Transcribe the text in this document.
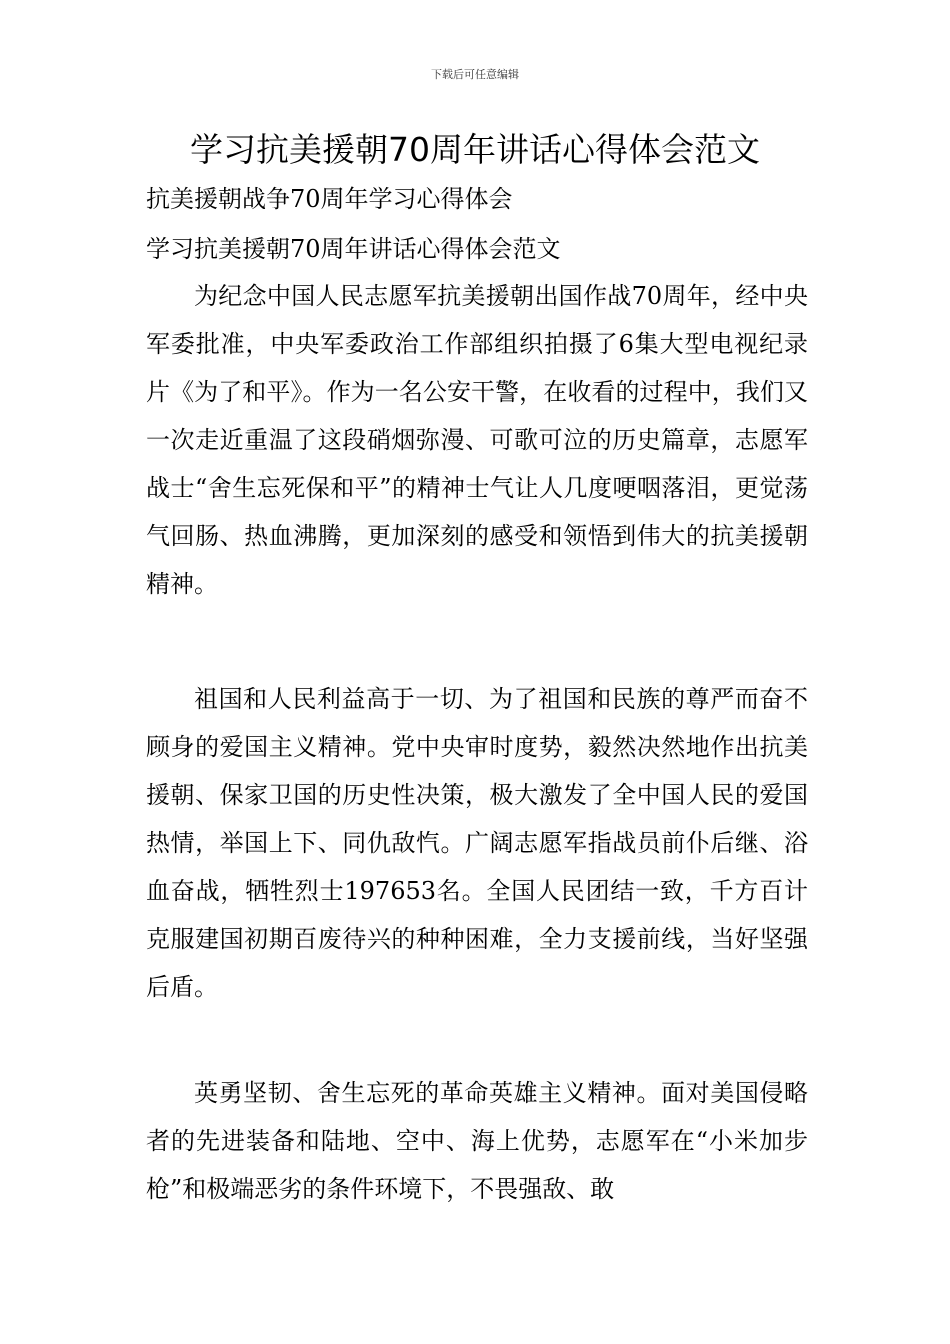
下载后可任意编辑
学习抗美援朝70周年讲话心得体会范文

抗美援朝战争70周年学习心得体会

学习抗美援朝70周年讲话心得体会范文

为纪念中国人民志愿军抗美援朝出国作战70周年，经中央军委批准，中央军委政治工作部组织拍摄了6集大型电视纪录片《为了和平》。作为一名公安干警，在收看的过程中，我们又一次走近重温了这段硝烟弥漫、可歌可泣的历史篇章，志愿军战士“舍生忘死保和平”的精神士气让人几度哽咽落泪，更觉荡气回肠、热血沸腾，更加深刻的感受和领悟到伟大的抗美援朝精神。

祖国和人民利益高于一切、为了祖国和民族的尊严而奋不顾身的爱国主义精神。党中央审时度势，毅然决然地作出抗美援朝、保家卫国的历史性决策，极大激发了全中国人民的爱国热情，举国上下、同仇敌忾。广阔志愿军指战员前仆后继、浴血奋战，牺牲烈士197653名。全国人民团结一致，千方百计克服建国初期百废待兴的种种困难，全力支援前线，当好坚强后盾。

英勇坚韧、舍生忘死的革命英雄主义精神。面对美国侵略者的先进装备和陆地、空中、海上优势，志愿军在“小米加步枪”和极端恶劣的条件环境下，不畏强敌、敢
